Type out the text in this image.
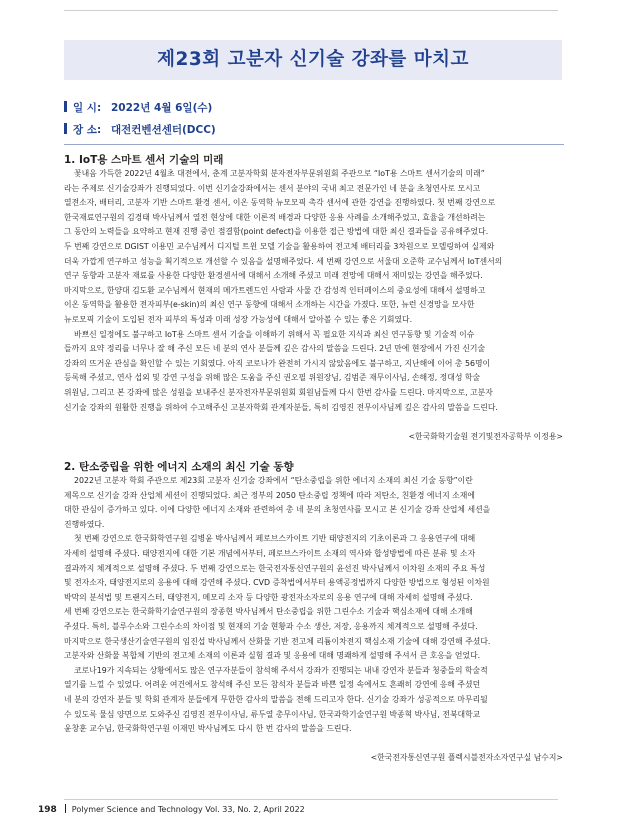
제23회 고분자 신기술 강좌를 마치고
일 시: 2022년 4월 6일(수)
장 소: 대전컨벤션센터(DCC)
1. IoT용 스마트 센서 기술의 미래
꽃내음 가득한 2022년 4월초 대전에서, 춘계 고분자학회 분자전자부문위원회 주관으로 “IoT용 스마트 센서기술의 미래”
라는 주제로 신기술강좌가 진행되었다. 이번 신기술강좌에서는 센서 분야의 국내 최고 전문가인 네 분을 초청연사로 모시고
열전소자, 배터리, 고분자 기반 스마트 환경 센서, 이온 동역학 뉴모모픽 촉각 센서에 관한 강연을 진행하였다. 첫 번째 강연으로
한국재료연구원의 김경태 박사님께서 열전 현상에 대한 이론적 배경과 다양한 응용 사례를 소개해주었고, 효율을 개선하려는
그 동안의 노력들을 요약하고 현재 진행 중인 점결함(point defect)을 이용한 접근 방법에 대한 최신 결과들을 공유해주었다.
두 번째 강연으로 DGIST 이용민 교수님께서 디지털 트윈 모델 기술을 활용하여 전고체 배터리를 3차원으로 모델링하여 실제와
더욱 가깝게 연구하고 성능을 획기적으로 개선할 수 있음을 설명해주었다. 세 번째 강연으로 서울대 오준학 교수님께서 IoT센서의
연구 동향과 고분자 재료를 사용한 다양한 환경센서에 대해서 소개해 주셨고 미래 전망에 대해서 재미있는 강연을 해주었다.
마지막으로, 한양대 김도환 교수님께서 현재의 메가트렌드인 사람과 사물 간 감성적 인터페이스의 중요성에 대해서 설명하고
이온 동역학을 활용한 전자피부(e-skin)의 최신 연구 동향에 대해서 소개하는 시간을 가졌다. 또한, 뉴런 신경망을 모사한
뉴로모픽 기술이 도입된 전자 피부의 특성과 미래 성장 가능성에 대해서 알아볼 수 있는 좋은 기회였다.
바쁘신 일정에도 불구하고 IoT용 스마트 센서 기술을 이해하기 위해서 꼭 필요한 지식과 최신 연구동향 및 기술적 이슈
들까지 요약 정리를 너무나 잘 해 주신 모든 네 분의 연사 분들께 깊은 감사의 말씀을 드린다. 2년 만에 현장에서 가진 신기술
강좌의 뜨거운 관심을 확인할 수 있는 기회였다. 아직 코로나가 완전히 가시지 않았음에도 불구하고, 지난해에 이어 총 56명이
등록해 주셨고, 연사 섭외 및 강연 구성을 위해 많은 도움을 주신 권오필 위원장님, 김범준 재무이사님, 손해정, 정대성 학술
위원님, 그리고 본 강좌에 많은 성원을 보내주신 분자전자부문위원회 회원님들께 다시 한번 감사를 드린다. 마지막으로, 고분자
신기술 강좌의 원활한 진행을 위하여 수고해주신 고분자학회 관계자분들, 특히 김영진 전무이사님께 깊은 감사의 말씀을 드린다.
<한국화학기술원 전기및전자공학부 이정용>
2. 탄소중립을 위한 에너지 소재의 최신 기술 동향
2022년 고분자 학회 주관으로 제23회 고분자 신기술 강좌에서 “탄소중립을 위한 에너지 소재의 최신 기술 동향”이란
제목으로 신기술 강좌 산업체 세션이 진행되었다. 최근 정부의 2050 탄소중립 정책에 따라 저탄소, 친환경 에너지 소재에
대한 관심이 증가하고 있다. 이에 다양한 에너지 소재와 관련하여 총 네 분의 초청연사를 모시고 본 신기술 강좌 산업체 세션을
진행하였다.
첫 번째 강연으로 한국화학연구원 김병윤 박사님께서 페로브스카이트 기반 태양전지의 기초이론과 그 응용연구에 대해
자세히 설명해 주셨다. 태양전지에 대한 기본 개념에서부터, 페로브스카이트 소재의 역사와 합성방법에 따른 분류 및 소자
결과까지 체계적으로 설명해 주셨다. 두 번째 강연으로는 한국전자통신연구원의 윤선진 박사님께서 이차원 소재의 주요 특성
및 전자소자, 태양전지로의 응용에 대해 강연해 주셨다. CVD 증착법에서부터 용액공정법까지 다양한 방법으로 형성된 이차원
박막의 분석법 및 트랜지스터, 태양전지, 메모리 소자 등 다양한 광전자소자로의 응용 연구에 대해 자세히 설명해 주셨다.
세 번째 강연으로는 한국화학기술연구원의 장종현 박사님께서 탄소중립을 위한 그린수소 기술과 핵심소재에 대해 소개해
주셨다. 특히, 블루수소와 그린수소의 차이점 및 현재의 기술 현황과 수소 생산, 저장, 응용까지 체계적으로 설명해 주셨다.
마지막으로 한국생산기술연구원의 임진섭 박사님께서 산화물 기반 전고체 리튬이차전지 핵심소재 기술에 대해 강연해 주셨다.
고분자와 산화물 복합체 기반의 전고체 소재의 이론과 실험 결과 및 응용에 대해 명쾌하게 설명해 주셔서 큰 호응을 얻었다.
코로나19가 지속되는 상황에서도 많은 연구자분들이 참석해 주셔서 강좌가 진행되는 내내 강연자 분들과 청중들의 학술적
열기를 느낄 수 있었다. 어려운 여건에서도 참석해 주신 모든 참석자 분들과 바쁜 일정 속에서도 흔쾌히 강연에 응해 주셨던
네 분의 강연자 분들 및 학회 관계자 분들에게 무한한 감사의 말씀을 전해 드리고자 한다. 신기술 강좌가 성공적으로 마무리될
수 있도록 물심 양면으로 도와주신 김영진 전무이사님, 류두열 총무이사님, 한국과학기술연구원 박종혁 박사님, 전북대학교
윤창훈 교수님, 한국화학연구원 이재민 박사님께도 다시 한 번 감사의 말씀을 드린다.
<한국전자통신연구원 플렉시블전자소자연구실 남수지>
198 Polymer Science and Technology Vol. 33, No. 2, April 2022
